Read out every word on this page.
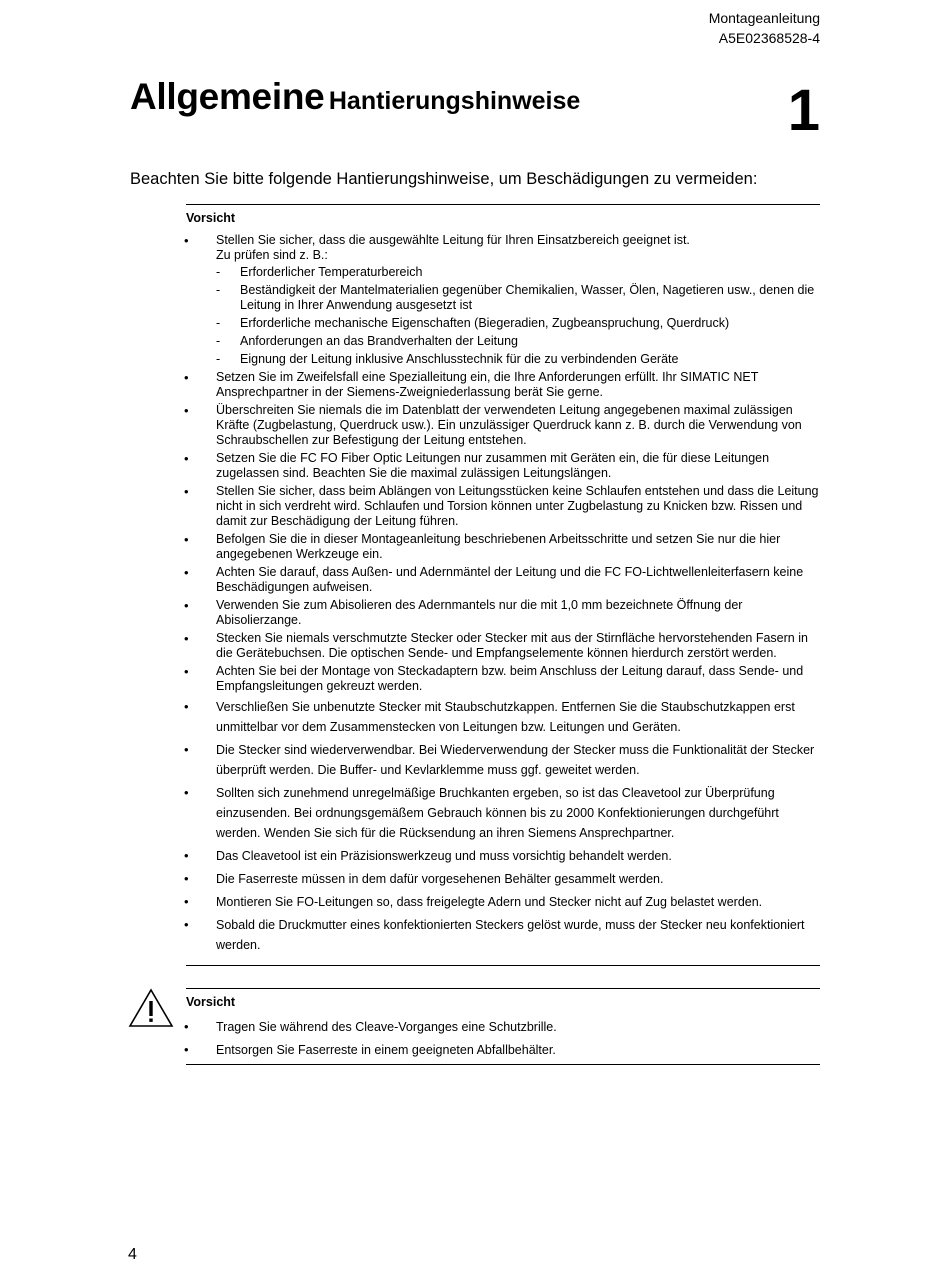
Montageanleitung
A5E02368528-4
Allgemeine Hantierungshinweise	1
Beachten Sie bitte folgende Hantierungshinweise, um Beschädigungen zu vermeiden:
Vorsicht
• Stellen Sie sicher, dass die ausgewählte Leitung für Ihren Einsatzbereich geeignet ist.
Zu prüfen sind z. B.:
- Erforderlicher Temperaturbereich
- Beständigkeit der Mantelmaterialien gegenüber Chemikalien, Wasser, Ölen, Nagetieren usw., denen die Leitung in Ihrer Anwendung ausgesetzt ist
- Erforderliche mechanische Eigenschaften (Biegeradien, Zugbeanspruchung, Querdruck)
- Anforderungen an das Brandverhalten der Leitung
- Eignung der Leitung inklusive Anschlusstechnik für die zu verbindenden Geräte
• Setzen Sie im Zweifelsfall eine Spezialleitung ein, die Ihre Anforderungen erfüllt. Ihr SIMATIC NET Ansprechpartner in der Siemens-Zweigniederlassung berät Sie gerne.
• Überschreiten Sie niemals die im Datenblatt der verwendeten Leitung angegebenen maximal zulässigen Kräfte (Zugbelastung, Querdruck usw.). Ein unzulässiger Querdruck kann z. B. durch die Verwendung von Schraubschellen zur Befestigung der Leitung entstehen.
• Setzen Sie die FC FO Fiber Optic Leitungen nur zusammen mit Geräten ein, die für diese Leitungen zugelassen sind. Beachten Sie die maximal zulässigen Leitungslängen.
• Stellen Sie sicher, dass beim Ablängen von Leitungsstücken keine Schlaufen entstehen und dass die Leitung nicht in sich verdreht wird. Schlaufen und Torsion können unter Zugbelastung zu Knicken bzw. Rissen und damit zur Beschädigung der Leitung führen.
• Befolgen Sie die in dieser Montageanleitung beschriebenen Arbeitsschritte und setzen Sie nur die hier angegebenen Werkzeuge ein.
• Achten Sie darauf, dass Außen- und Adernmäntel der Leitung und die FC FO-Lichtwellenleiterfasern keine Beschädigungen aufweisen.
• Verwenden Sie zum Abisolieren des Adernmantels nur die mit 1,0 mm bezeichnete Öffnung der Abisolierzange.
• Stecken Sie niemals verschmutzte Stecker oder Stecker mit aus der Stirnfläche hervorstehenden Fasern in die Gerätebuchsen. Die optischen Sende- und Empfangselemente können hierdurch zerstört werden.
• Achten Sie bei der Montage von Steckadaptern bzw. beim Anschluss der Leitung darauf, dass Sende- und Empfangsleitungen gekreuzt werden.
• Verschließen Sie unbenutzte Stecker mit Staubschutzkappen. Entfernen Sie die Staubschutzkappen erst unmittelbar vor dem Zusammenstecken von Leitungen bzw. Leitungen und Geräten.
• Die Stecker sind wiederverwendbar. Bei Wiederverwendung der Stecker muss die Funktionalität der Stecker überprüft werden. Die Buffer- und Kevlarklemme muss ggf. geweitet werden.
• Sollten sich zunehmend unregelmäßige Bruchkanten ergeben, so ist das Cleavetool zur Überprüfung einzusenden. Bei ordnungsgemäßem Gebrauch können bis zu 2000 Konfektionierungen durchgeführt werden. Wenden Sie sich für die Rücksendung an ihren Siemens Ansprechpartner.
• Das Cleavetool ist ein Präzisionswerkzeug und muss vorsichtig behandelt werden.
• Die Faserreste müssen in dem dafür vorgesehenen Behälter gesammelt werden.
• Montieren Sie FO-Leitungen so, dass freigelegte Adern und Stecker nicht auf Zug belastet werden.
• Sobald die Druckmutter eines konfektionierten Steckers gelöst wurde, muss der Stecker neu konfektioniert werden.
Vorsicht
• Tragen Sie während des Cleave-Vorganges eine Schutzbrille.
• Entsorgen Sie Faserreste in einem geeigneten Abfallbehälter.
4
